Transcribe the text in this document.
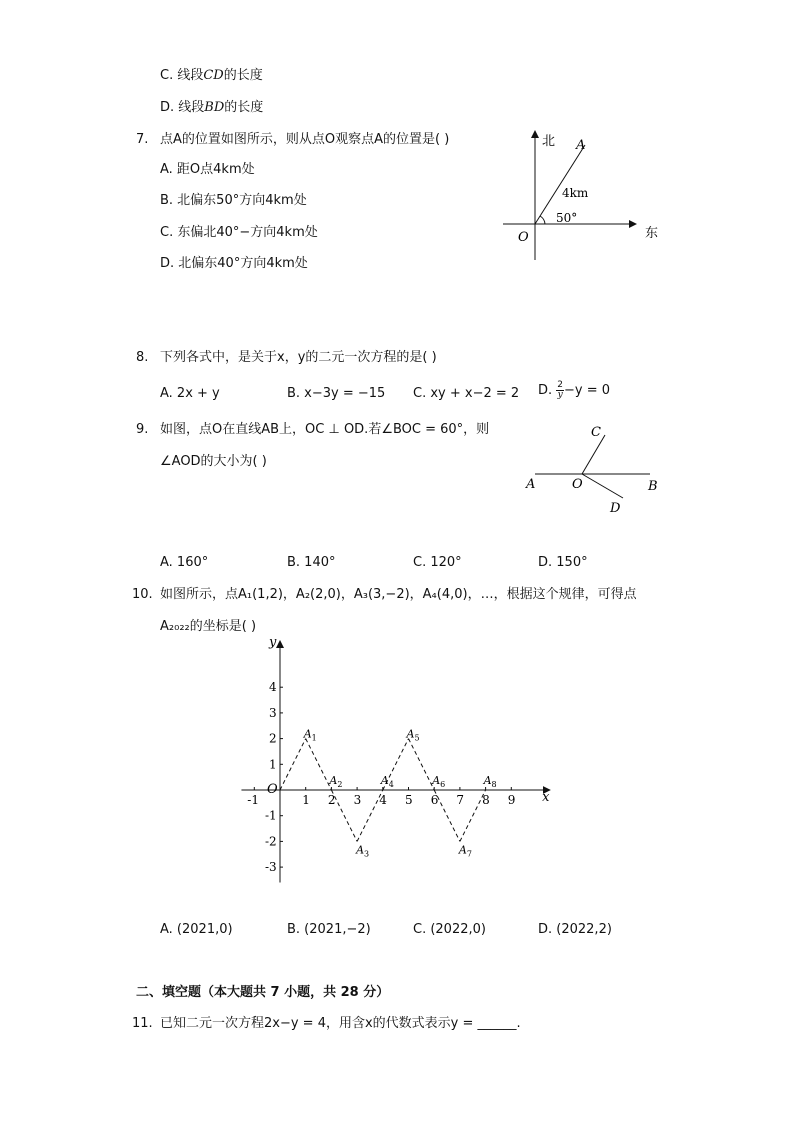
C. 线段CD的长度
D. 线段BD的长度
7. 点A的位置如图所示，则从点O观察点A的位置是( )
A. 距O点4km处
B. 北偏东50°方向4km处
C. 东偏北40°−方向4km处
D. 北偏东40°方向4km处
北
东
O
A
4km
50°
8. 下列各式中，是关于x，y的二元一次方程的是( )
A. 2x + y	B. x−3y = −15 C. xy + x−2 = 2 D. $\frac{2}{y} -y = 0$
9. 如图，点O在直线AB上，OC ⊥ OD.若∠BOC = 60°，则
∠AOD的大小为( )
A	O	B
C
D
A. 160°	B. 140°	C. 120°	D. 150°
10. 如图所示，点A₁(1,2)，A₂(2,0)，A₃(3,−2)，A₄(4,0)，…，根据这个规律，可得点
A₂₀₂₂的坐标是( )
x
y
O
-1	1 2 3 4 5 6 7 8 9
4
3
2
1
-1
-2
-3
$A_1$
$A_2$
$A_3$
$A_4$
$A_5$
$A_6$
$A_7$
$A_8$
A. (2021,0)	B. (2021,−2)	C. (2022,0)	D. (2022,2)
二、填空题（本大题共 7 小题，共 28 分）
11. 已知二元一次方程2x−y = 4，用含x的代数式表示y = ______.
